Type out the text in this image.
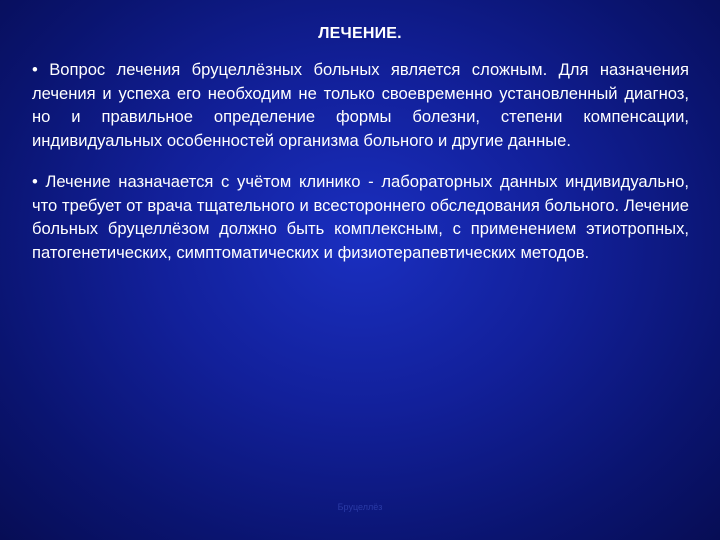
ЛЕЧЕНИЕ.

• Вопрос лечения бруцеллёзных больных является сложным. Для назначения лечения и успеха его необходим не только своевременно установленный диагноз, но и правильное определение формы болезни, степени компенсации, индивидуальных особенностей организма больного и другие данные.

• Лечение назначается с учётом клинико - лабораторных данных индивидуально, что требует от врача тщательного и всестороннего обследования больного. Лечение больных бруцеллёзом должно быть комплексным, с применением этиотропных, патогенетических, симптоматических и физиотерапевтических методов.

Бруцеллёз
